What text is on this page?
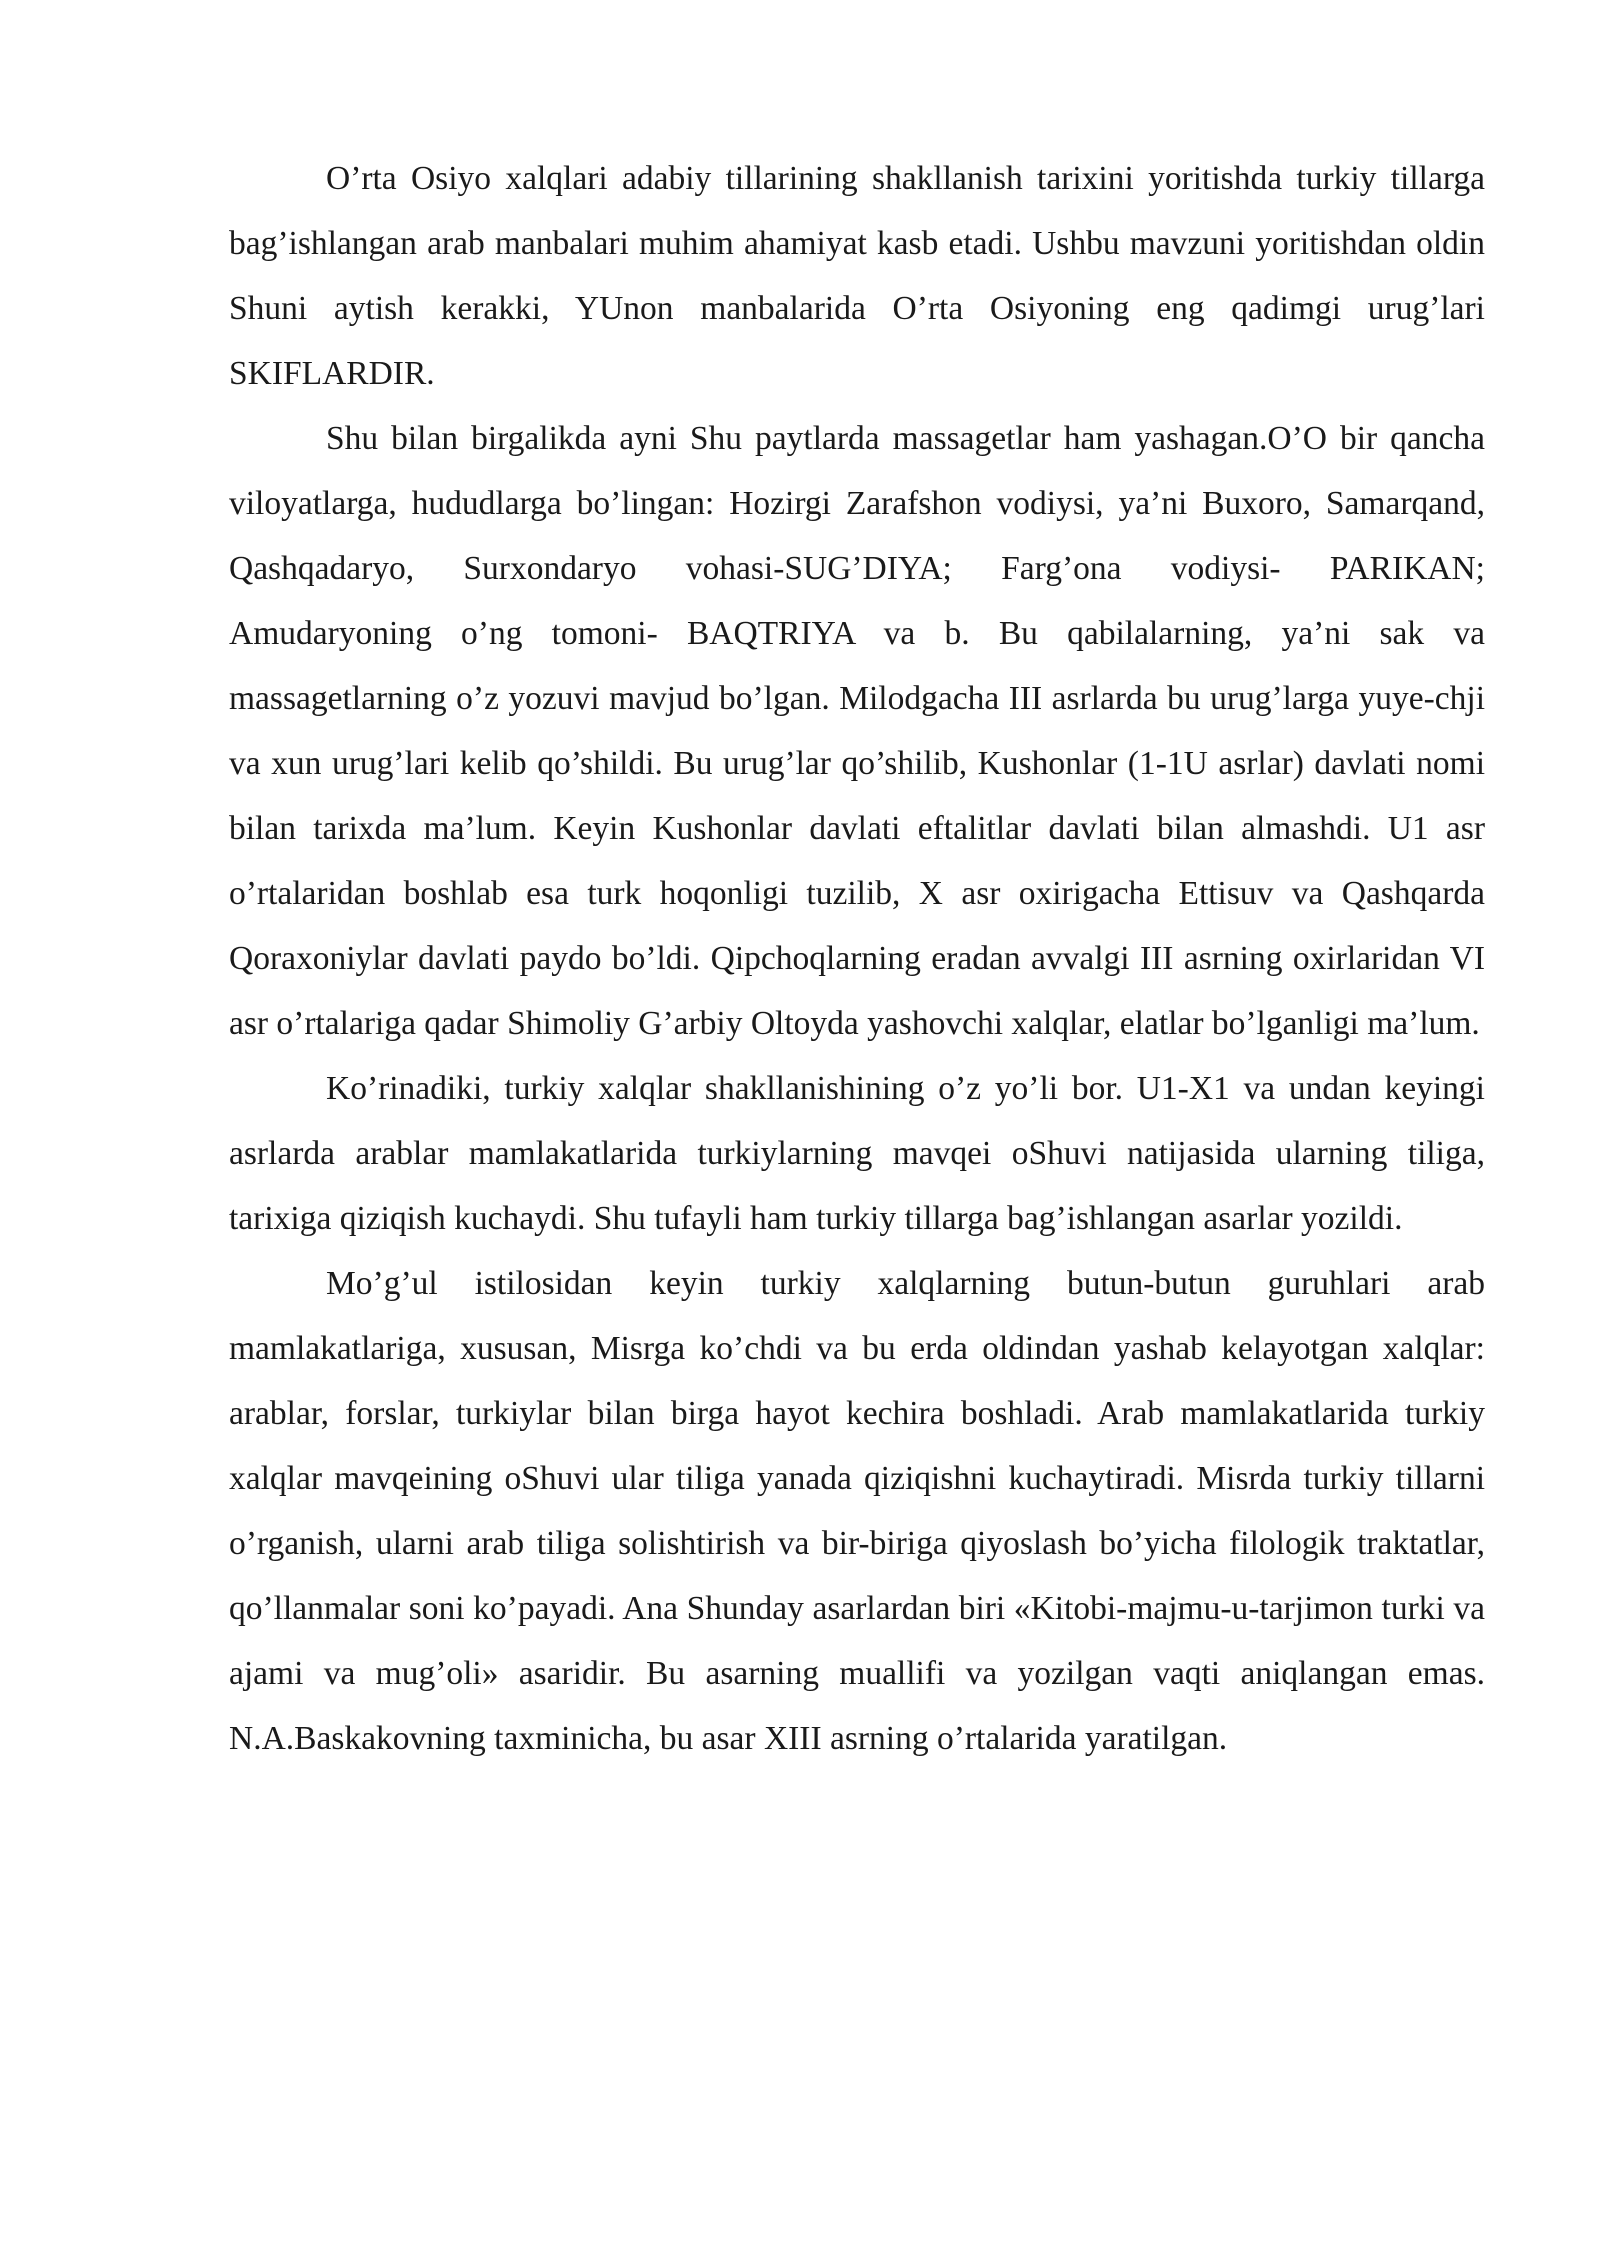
O’rta Osiyo xalqlari adabiy tillarining shakllanish tarixini yoritishda turkiy tillarga bag’ishlangan arab manbalari muhim ahamiyat kasb etadi. Ushbu mavzuni yoritishdan oldin Shuni aytish kerakki, YUnon manbalarida O’rta Osiyoning eng qadimgi urug’lari SKIFLARDIR.

Shu bilan birgalikda ayni Shu paytlarda massagetlar ham yashagan.O’O bir qancha viloyatlarga, hududlarga bo’lingan: Hozirgi Zarafshon vodiysi, ya’ni Buxoro, Samarqand, Qashqadaryo, Surxondaryo vohasi-SUG’DIYA; Farg’ona vodiysi- PARIKAN; Amudaryoning o’ng tomoni- BAQTRIYA va b. Bu qabilalarning, ya’ni sak va massagetlarning o’z yozuvi mavjud bo’lgan. Milodgacha III asrlarda bu urug’larga yuye-chji va xun urug’lari kelib qo’shildi. Bu urug’lar qo’shilib, Kushonlar (1-1U asrlar) davlati nomi bilan tarixda ma’lum. Keyin Kushonlar davlati eftalitlar davlati bilan almashdi. U1 asr o’rtalaridan boshlab esa turk hoqonligi tuzilib, X asr oxirigacha Ettisuv va Qashqarda Qoraxoniylar davlati paydo bo’ldi. Qipchoqlarning eradan avvalgi III asrning oxirlaridan VI asr o’rtalariga qadar Shimoliy G’arbiy Oltoyda yashovchi xalqlar, elatlar bo’lganligi ma’lum.

Ko’rinadiki, turkiy xalqlar shakllanishining o’z yo’li bor. U1-X1 va undan keyingi asrlarda arablar mamlakatlarida turkiylarning mavqei oShuvi natijasida ularning tiliga, tarixiga qiziqish kuchaydi. Shu tufayli ham turkiy tillarga bag’ishlangan asarlar yozildi.

Mo’g’ul istilosidan keyin turkiy xalqlarning butun-butun guruhlari arab mamlakatlariga, xususan, Misrga ko’chdi va bu erda oldindan yashab kelayotgan xalqlar: arablar, forslar, turkiylar bilan birga hayot kechira boshladi. Arab mamlakatlarida turkiy xalqlar mavqeining oShuvi ular tiliga yanada qiziqishni kuchaytiradi. Misrda turkiy tillarni o’rganish, ularni arab tiliga solishtirish va bir-biriga qiyoslash bo’yicha filologik traktatlar, qo’llanmalar soni ko’payadi. Ana Shunday asarlardan biri «Kitobi-majmu-u-tarjimon turki va ajami va mug’oli» asaridir. Bu asarning muallifi va yozilgan vaqti aniqlangan emas. N.A.Baskakovning taxminicha, bu asar XIII asrning o’rtalarida yaratilgan.
